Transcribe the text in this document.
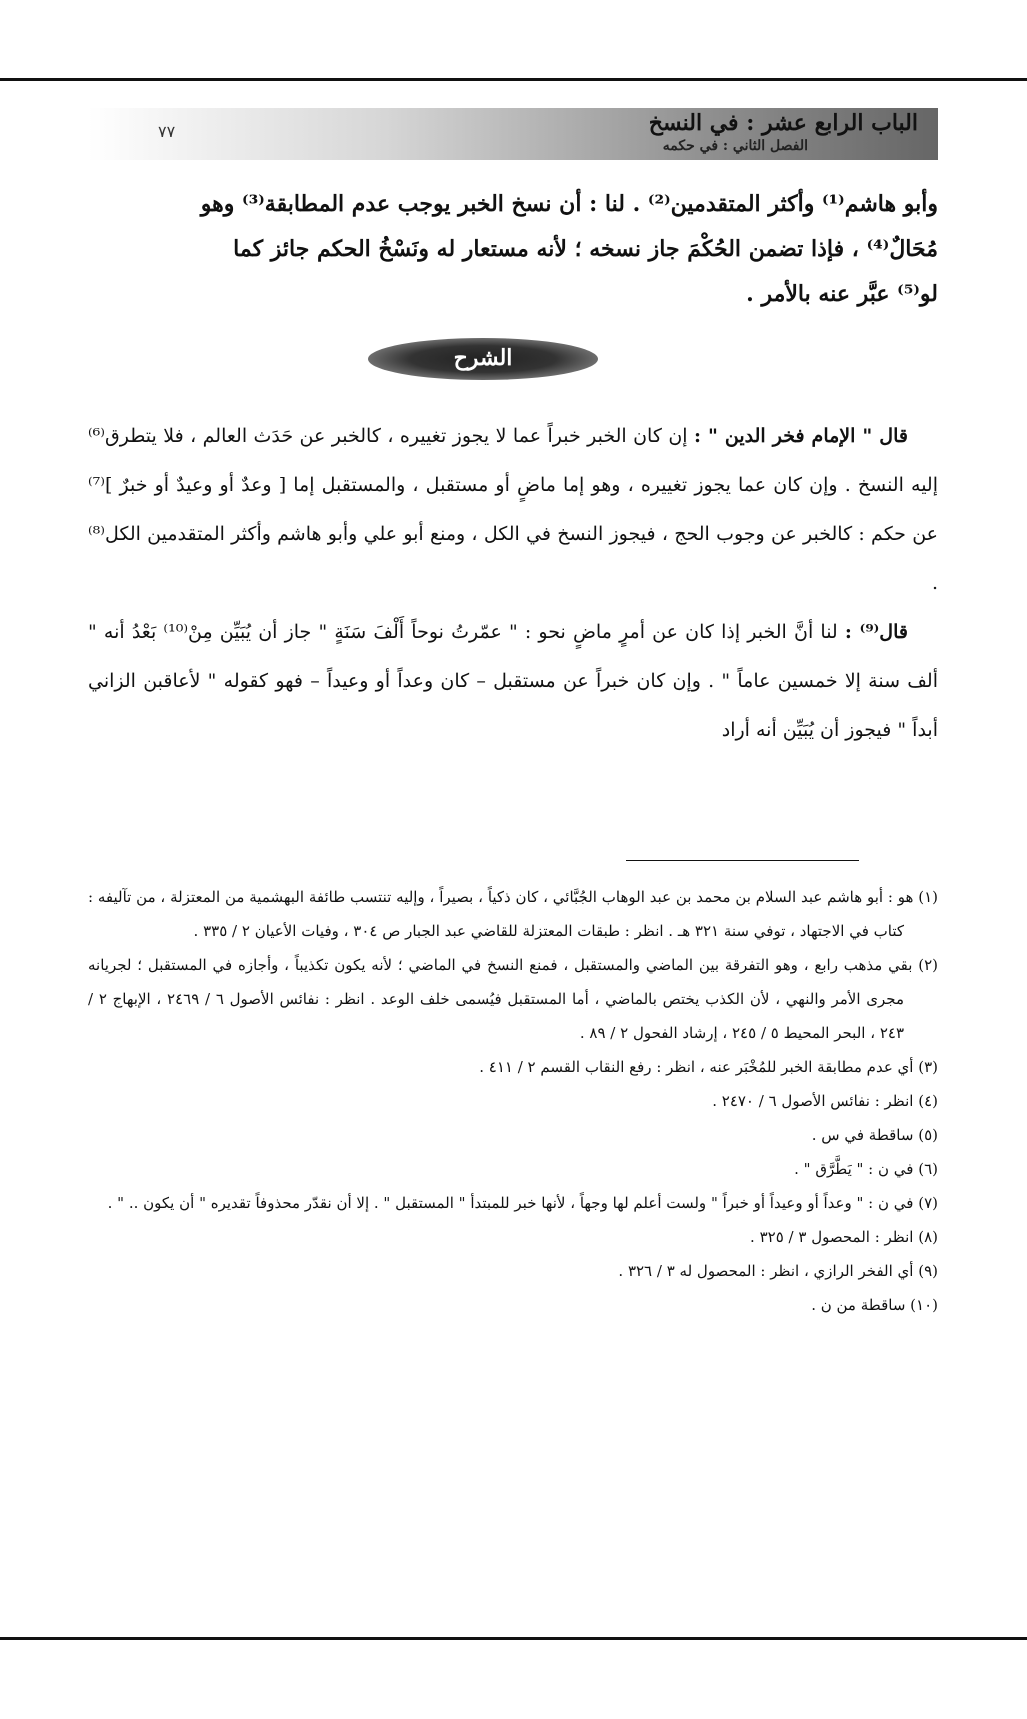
الباب الرابع عشر : في النسخ
الفصل الثاني : في حكمه
٧٧

وأبو هاشم⁽¹⁾ وأكثر المتقدمين⁽²⁾ . لنا : أن نسخ الخبر يوجب عدم المطابقة⁽³⁾ وهو

مُحَالٌ⁽⁴⁾ ، فإذا تضمن الحُكْمَ جاز نسخه ؛ لأنه مستعار له ونَسْخُ الحكم جائز كما

لو⁽⁵⁾ عبَّر عنه بالأمر .

الشرح

قال " الإمام فخر الدين " : إن كان الخبر خبراً عما لا يجوز تغييره ، كالخبر عن حَدَث العالم ، فلا يتطرق⁽⁶⁾ إليه النسخ . وإن كان عما يجوز تغييره ، وهو إما ماضٍ أو مستقبل ، والمستقبل إما [ وعدٌ أو وعيدٌ أو خبرٌ ]⁽⁷⁾ عن حكم : كالخبر عن وجوب الحج ، فيجوز النسخ في الكل ، ومنع أبو علي وأبو هاشم وأكثر المتقدمين الكل⁽⁸⁾ .

قال⁽⁹⁾ : لنا أنَّ الخبر إذا كان عن أمرٍ ماضٍ نحو : " عمّرتُ نوحاً أَلْفَ سَنَةٍ " جاز أن يُبَيِّن مِنْ⁽¹⁰⁾ بَعْدُ أنه " ألف سنة إلا خمسين عاماً " . وإن كان خبراً عن مستقبل – كان وعداً أو وعيداً – فهو كقوله " لأعاقبن الزاني أبداً " فيجوز أن يُبَيِّن أنه أراد

(١) هو : أبو هاشم عبد السلام بن محمد بن عبد الوهاب الجُبَّائي ، كان ذكياً ، بصيراً ، وإليه تنتسب طائفة البهشمية من المعتزلة ، من تآليفه : كتاب في الاجتهاد ، توفي سنة ٣٢١ هـ . انظر : طبقات المعتزلة للقاضي عبد الجبار ص ٣٠٤ ، وفيات الأعيان ٢ / ٣٣٥ .

(٢) بقي مذهب رابع ، وهو التفرقة بين الماضي والمستقبل ، فمنع النسخ في الماضي ؛ لأنه يكون تكذيباً ، وأجازه في المستقبل ؛ لجريانه مجرى الأمر والنهي ، لأن الكذب يختص بالماضي ، أما المستقبل فيُسمى خلف الوعد . انظر : نفائس الأصول ٦ / ٢٤٦٩ ، الإبهاج ٢ / ٢٤٣ ، البحر المحيط ٥ / ٢٤٥ ، إرشاد الفحول ٢ / ٨٩ .

(٣) أي عدم مطابقة الخبر للمُخْبَر عنه ، انظر : رفع النقاب القسم ٢ / ٤١١ .

(٤) انظر : نفائس الأصول ٦ / ٢٤٧٠ .

(٥) ساقطة في س .

(٦) في ن : " يَطَّرَّق " .

(٧) في ن : " وعداً أو وعيداً أو خبراً " ولست أعلم لها وجهاً ، لأنها خبر للمبتدأ " المستقبل " . إلا أن نقدّر محذوفاً تقديره " أن يكون .. " .

(٨) انظر : المحصول ٣ / ٣٢٥ .

(٩) أي الفخر الرازي ، انظر : المحصول له ٣ / ٣٢٦ .

(١٠) ساقطة من ن .
